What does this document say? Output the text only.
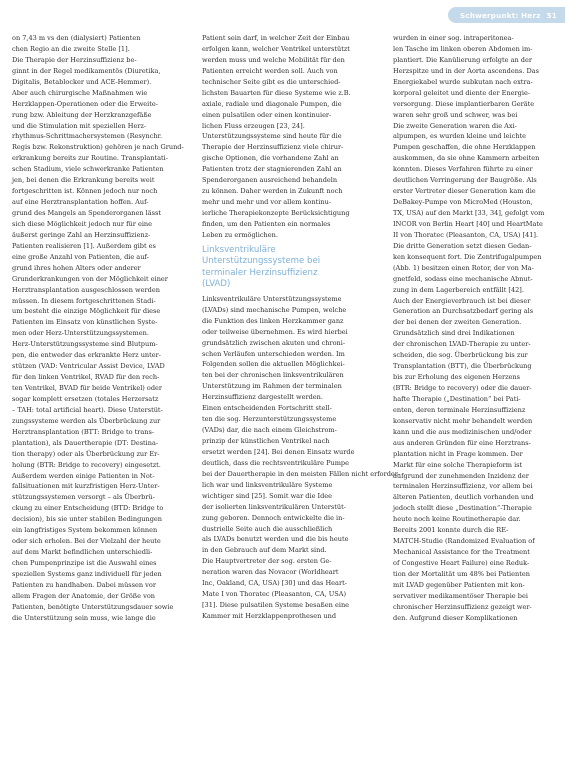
Schwerpunkt: Herz 51
on 7,43 m vs den (dialysiert) Patienten
chen Regio an die zweite Stelle [1].
Die Therapie der Herzinsuffizienz be-
ginnt in der Regel medikamentös (Diuretika,
Digitalis, Betablocker und ACE-Hemmer).
Aber auch chirurgische Maßnahmen wie
Herzklappen-Operationen oder die Erweite-
rung bzw. Ableitung der Herzkranzgefäße
und die Stimulation mit speziellen Herz-
rhythmus-Schrittmachersystemen (Resynchr.
Regis bzw. Rekonstruktion) gehören je nach Grund-
erkrankung bereits zur Routine. Transplantati-
schen Stadium, viele schwerkranke Patienten
jen, bei denen die Erkrankung bereits weit
fortgeschritten ist. Können jedoch nur noch
auf eine Herztransplantation hoffen. Auf-
grund des Mangels an Spenderorganen lässt
sich diese Möglichkeit jedoch nur für eine
äußerst geringe Zahl an Herzinsuffizienz-
Patienten realisieren [1]. Außerdem gibt es
eine große Anzahl von Patienten, die auf-
grund ihres hohen Alters oder anderer
Grunderkrankungen von der Möglichkeit einer
Herztransplantation ausgeschlossen werden
müssen. In diesem fortgeschrittenen Stadi-
um besteht die einzige Möglichkeit für diese
Patienten im Einsatz von künstlichen Syste-
men oder Herz-Unterstützungssystemen.
Herz-Unterstützungssysteme sind Blutpum-
pen, die entweder das erkrankte Herz unter-
stützen (VAD: Ventricular Assist Device, LVAD
für den linken Ventrikel, RVAD für den rech-
ten Ventrikel, BVAD für beide Ventrikel) oder
sogar komplett ersetzen (totales Herzersatz
– TAH: total artificial heart). Diese Unterstüt-
zungssysteme werden als Überbrückung zur
Herztransplantation (BTT: Bridge to trans-
plantation), als Dauertherapie (DT: Destina-
tion therapy) oder als Überbrückung zur Er-
holung (BTR: Bridge to recovery) eingesetzt.
Außerdem werden einige Patienten in Not-
fallsituationen mit kurzfristigen Herz-Unter-
stützungssystemen versorgt – als Überbrü-
ckung zu einer Entscheidung (BTD: Bridge to
decision), bis sie unter stabilen Bedingungen
ein langfristiges System bekommen können
oder sich erholen. Bei der Vielzahl der heute
auf dem Markt befindlichen unterschiedli-
chen Pumpenprinzipe ist die Auswahl eines
speziellen Systems ganz individuell für jeden
Patienten zu handhaben. Dabei müssen vor
allem Fragen der Anatomie, der Größe von
Patienten, benötigte Unterstützungsdauer sowie
die Unterstützung sein muss, wie lange die
Patient sein darf, in welcher Zeit der Einbau
erfolgen kann, welcher Ventrikel unterstützt
werden muss und welche Mobilität für den
Patienten erreicht werden soll. Auch von
technischer Seite gibt es die unterschied-
lichsten Bauarten für diese Systeme wie z.B.
axiale, radiale und diagonale Pumpen, die
einen pulsatilen oder einen kontinuier-
lichen Fluss erzeugen [23, 24].
Unterstützungssysteme sind heute für die
Therapie der Herzinsuffizienz viele chirur-
gische Optionen, die vorhandene Zahl an
Patienten trotz der stagnierenden Zahl an
Spenderorganen ausreichend behandeln
zu können. Daher werden in Zukunft noch
mehr und mehr und vor allem kontinu-
ierliche Therapiekonzepte Berücksichtigung
finden, um den Patienten ein normales
Leben zu ermöglichen.
Linksventrikuläre
Unterstützungssysteme bei
terminaler Herzinsuffizienz
(LVAD)
Linksventrikuläre Unterstützungssysteme
(LVADs) sind mechanische Pumpen, welche
die Funktion des linken Herzkammer ganz
oder teilweise übernehmen. Es wird hierbei
grundsätzlich zwischen akuten und chroni-
schen Verläufen unterschieden werden. Im
Folgenden sollen die aktuellen Möglichkei-
ten bei der chronischen linksventrikulären
Unterstützung im Rahmen der terminalen
Herzinsuffizienz dargestellt werden.
Einen entscheidenden Fortschritt stell-
ten die sog. Herzunterstützungssysteme
(VADs) dar, die nach einem Gleichstrom-
prinzip der künstlichen Ventrikel nach
ersetzt werden [24]. Bei denen Einsatz wurde
deutlich, dass die rechtsventrikuläre Pumpe
bei der Dauertherapie in den meisten Fällen nicht erforder-
lich war und linksventrikuläre Systeme
wichtiger sind [25]. Somit war die Idee
der isolierten linksventrikulären Unterstüt-
zung geboren. Dennoch entwickelte die in-
dustrielle Seite auch die ausschließlich
als LVADs benutzt werden und die bis heute
in den Gebrauch auf dem Markt sind.
Die Hauptvertreter der sog. ersten Ge-
neration waren das Novacor (Worldheart
Inc, Oakland, CA, USA) [30] und das Heart-
Mate I von Thoratec (Pleasanton, CA, USA)
[31]. Diese pulsatilen Systeme besaßen eine
Kammer mit Herzklappenprothesen und
wurden in einer sog. intraperitonea-
len Tasche im linken oberen Abdomen im-
plantiert. Die Kanülierung erfolgte an der
Herzspitze und in der Aorta ascendens. Das
Energiekabel wurde subkutan nach extra-
korporal geleitet und diente der Energie-
versorgung. Diese implantierbaren Geräte
waren sehr groß und schwer, was bei
Die zweite Generation waren die Axi-
alpumpen, es wurden kleine und leichte
Pumpen geschaffen, die ohne Herzklappen
auskommen, da sie ohne Kammern arbeiten
konnten. Dieses Verfahren führte zu einer
deutlichen Verringerung der Baugröße. Als
erster Vertreter dieser Generation kam die
DeBakey-Pumpe von MicroMed (Houston,
TX, USA) auf den Markt [33, 34], gefolgt vom
INCOR von Berlin Heart [40] und HeartMate
II von Thoratec (Pleasanton, CA, USA) [41].
Die dritte Generation setzt diesen Gedan-
ken konsequent fort. Die Zentrifugalpumpen
(Abb. 1) besitzen einen Rotor, der von Ma-
gnetfeld, sodass eine mechanische Abnut-
zung in dem Lagerbereich entfällt [42].
Auch der Energieverbrauch ist bei dieser
Generation an Durchsatzbedarf gering als
der bei denen der zweiten Generation.
Grundsätzlich sind drei Indikationen
der chronischen LVAD-Therapie zu unter-
scheiden, die sog. Überbrückung bis zur
Transplantation (BTT), die Überbrückung
bis zur Erholung des eigenen Herzens
(BTR: Bridge to recovery) oder die dauer-
hafte Therapie („Destination“ bei Pati-
enten, deren terminale Herzinsuffizienz
konservativ nicht mehr behandelt werden
kann und die aus medizinischen und/oder
aus anderen Gründen für eine Herztrans-
plantation nicht in Frage kommen. Der
Markt für eine solche Therapieform ist
aufgrund der zunehmenden Inzidenz der
terminalen Herzinsuffizienz, vor allem bei
älteren Patienten, deutlich vorhanden und
jedoch stellt diese „Destination“-Therapie
heute noch keine Routinetherapie dar.
Bereits 2001 konnte durch die RE-
MATCH-Studie (Randomized Evaluation of
Mechanical Assistance for the Treatment
of Congestive Heart Failure) eine Reduk-
tion der Mortalität um 48% bei Patienten
mit LVAD gegenüber Patienten mit kon-
servativer medikamentöser Therapie bei
chronischer Herzinsuffizienz gezeigt wer-
den. Aufgrund dieser Komplikationen
